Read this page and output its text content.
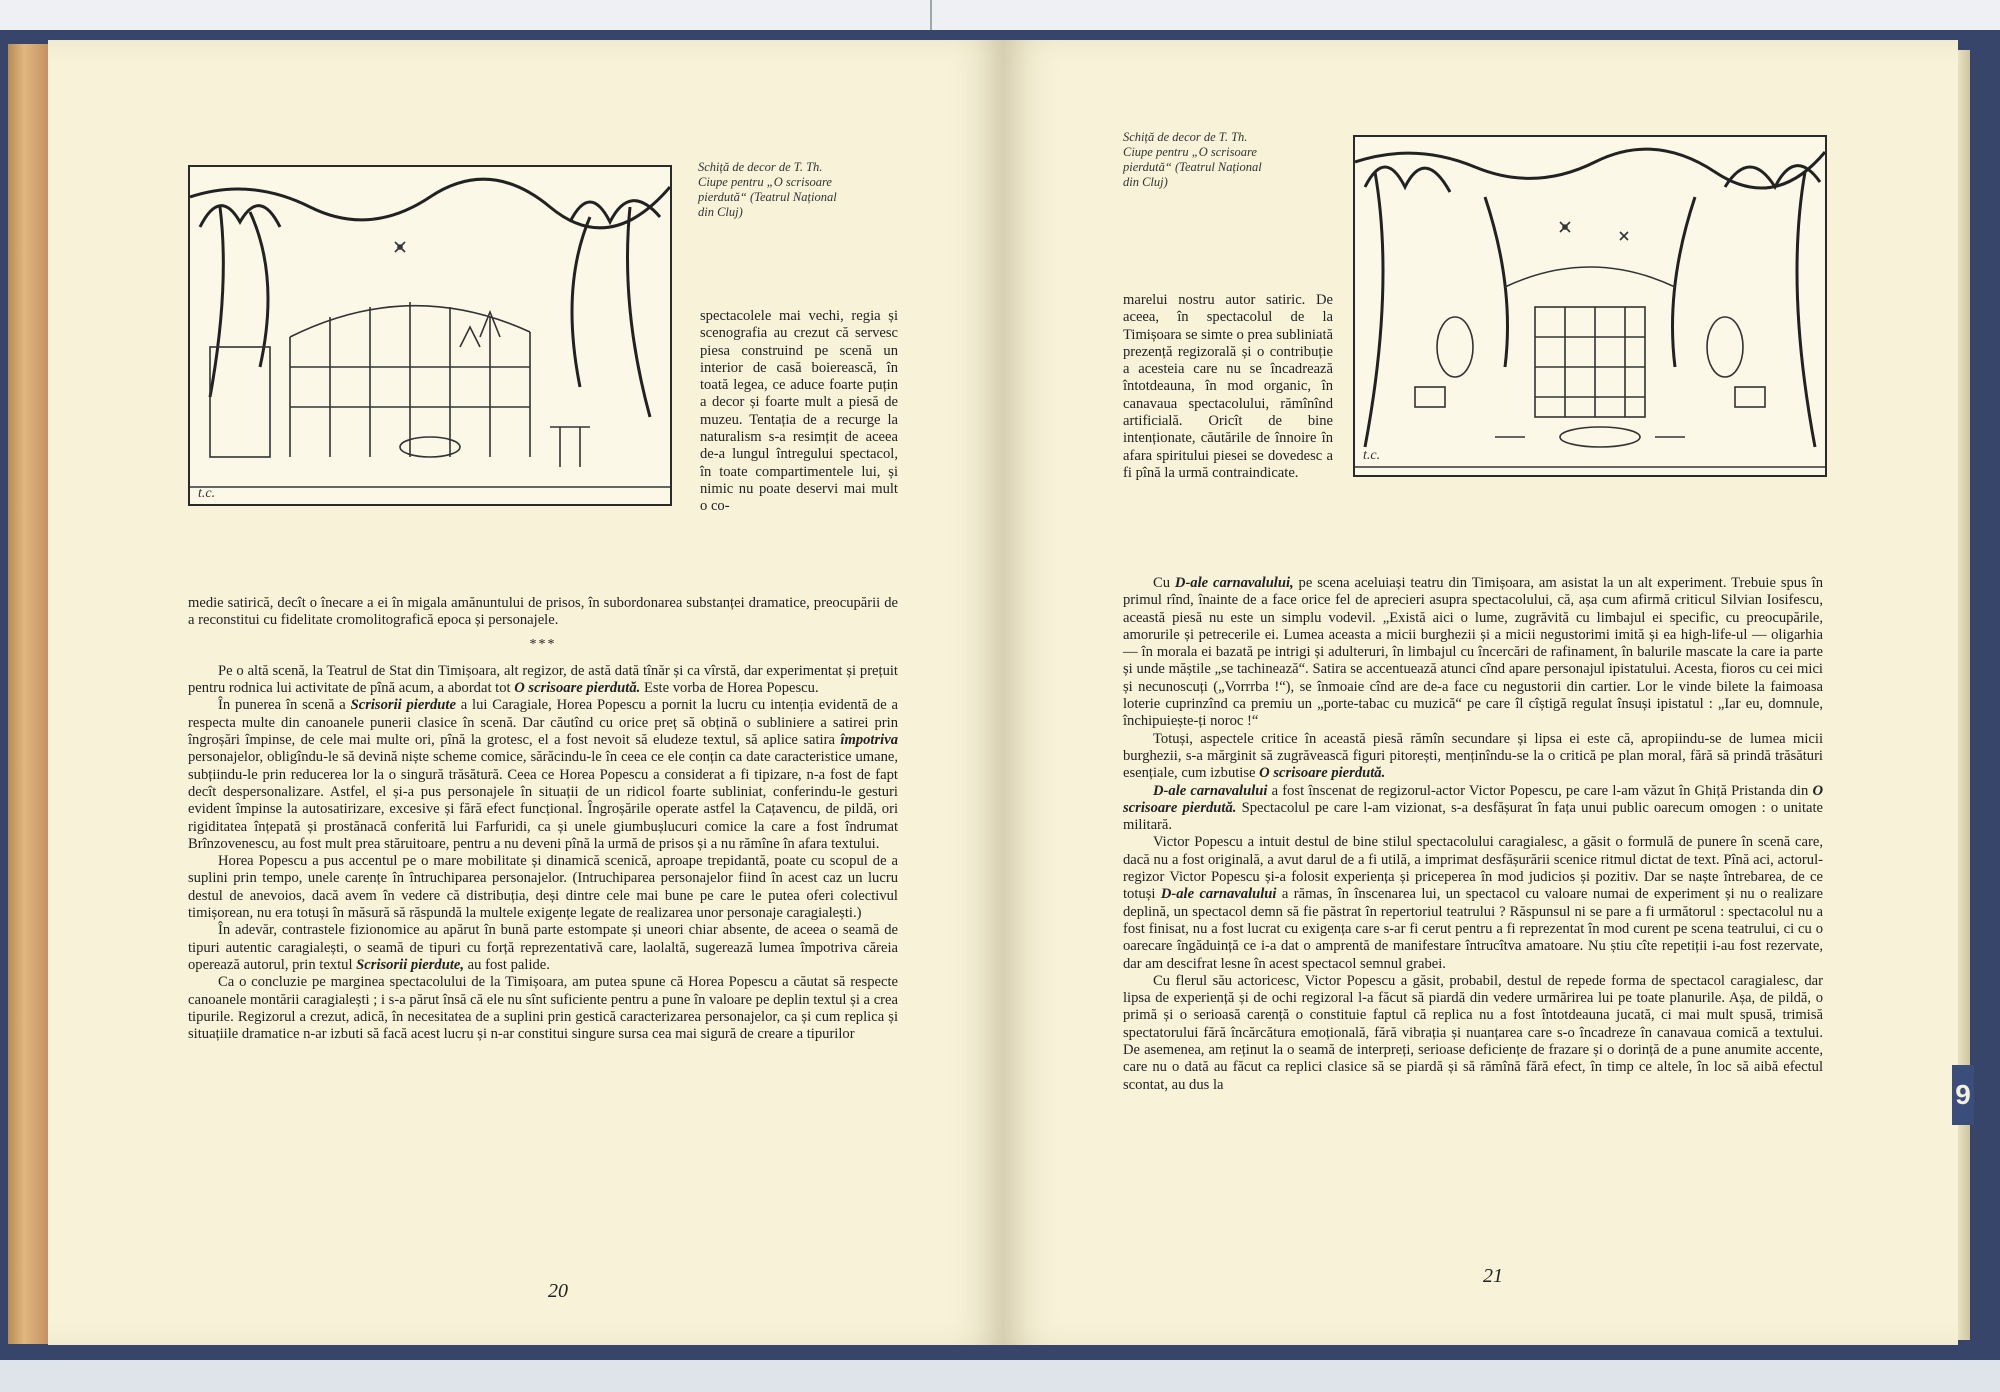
t.c.
Schiță de decor de T. Th.
Ciupe pentru „O scrisoare
pierdută“ (Teatrul Național
din Cluj)

spectacolele mai vechi, regia și scenografia au crezut că servesc piesa construind pe scenă un interior de casă boierească, în toată legea, ce aduce foarte puțin a decor și foarte mult a piesă de muzeu. Tentația de a recurge la naturalism s-a resimțit de aceea de-a lungul întregului spectacol, în toate compartimentele lui, și nimic nu poate deservi mai mult o co-

medie satirică, decît o înecare a ei în migala amănuntului de prisos, în subordonarea substanței dramatice, preocupării de a reconstitui cu fidelitate cromolitografică epoca și personajele.

***

Pe o altă scenă, la Teatrul de Stat din Timișoara, alt regizor, de astă dată tînăr și ca vîrstă, dar experimentat și prețuit pentru rodnica lui activitate de pînă acum, a abordat tot O scrisoare pierdută. Este vorba de Horea Popescu.

În punerea în scenă a Scrisorii pierdute a lui Caragiale, Horea Popescu a pornit la lucru cu intenția evidentă de a respecta multe din canoanele punerii clasice în scenă. Dar căutînd cu orice preț să obțină o subliniere a satirei prin îngroșări împinse, de cele mai multe ori, pînă la grotesc, el a fost nevoit să eludeze textul, să aplice satira împotriva personajelor, obligîndu-le să devină niște scheme comice, sărăcindu-le în ceea ce ele conțin ca date caracteristice umane, subțiindu-le prin reducerea lor la o singură trăsătură. Ceea ce Horea Popescu a considerat a fi tipizare, n-a fost de fapt decît despersonalizare. Astfel, el și-a pus personajele în situații de un ridicol foarte subliniat, conferindu-le gesturi evident împinse la autosatirizare, excesive și fără efect funcțional. Îngroșările operate astfel la Cațavencu, de pildă, ori rigiditatea înțepată și prostănacă conferită lui Farfuridi, ca și unele giumbușlucuri comice la care a fost îndrumat Brînzovenescu, au fost mult prea stăruitoare, pentru a nu deveni pînă la urmă de prisos și a nu rămîne în afara textului.

Horea Popescu a pus accentul pe o mare mobilitate și dinamică scenică, aproape trepidantă, poate cu scopul de a suplini prin tempo, unele carențe în întruchiparea personajelor. (Intruchiparea personajelor fiind în acest caz un lucru destul de anevoios, dacă avem în vedere că distribuția, deși dintre cele mai bune pe care le putea oferi colectivul timișorean, nu era totuși în măsură să răspundă la multele exigențe legate de realizarea unor personaje caragialești.)

În adevăr, contrastele fizionomice au apărut în bună parte estompate și uneori chiar absente, de aceea o seamă de tipuri autentic caragialești, o seamă de tipuri cu forță reprezentativă care, laolaltă, sugerează lumea împotriva căreia operează autorul, prin textul Scrisorii pierdute, au fost palide.

Ca o concluzie pe marginea spectacolului de la Timișoara, am putea spune că Horea Popescu a căutat să respecte canoanele montării caragialești ; i s-a părut însă că ele nu sînt suficiente pentru a pune în valoare pe deplin textul și a crea tipurile. Regizorul a crezut, adică, în necesitatea de a suplini prin gestică caracterizarea personajelor, ca și cum replica și situațiile dramatice n-ar izbuti să facă acest lucru și n-ar constitui singure sursa cea mai sigură de creare a tipurilor

20
Schiță de decor de T. Th.
Ciupe pentru „O scrisoare
pierdută“ (Teatrul Național
din Cluj)
t.c.

marelui nostru autor satiric. De aceea, în spectacolul de la Timișoara se simte o prea subliniată prezență regizorală și o contribuție a acesteia care nu se încadrează întotdeauna, în mod organic, în canavaua spectacolului, rămînînd artificială. Oricît de bine intenționate, căutările de înnoire în afara spiritului piesei se dovedesc a fi pînă la urmă contraindicate.

Cu D-ale carnavalului, pe scena aceluiași teatru din Timișoara, am asistat la un alt experiment. Trebuie spus în primul rînd, înainte de a face orice fel de aprecieri asupra spectacolului, că, așa cum afirmă criticul Silvian Iosifescu, această piesă nu este un simplu vodevil. „Există aici o lume, zugrăvită cu limbajul ei specific, cu preocupările, amorurile și petrecerile ei. Lumea aceasta a micii burghezii și a micii negustorimi imită și ea high-life-ul — oligarhia — în morala ei bazată pe intrigi și adulteruri, în limbajul cu încercări de rafinament, în balurile mascate la care ia parte și unde măștile „se tachinează“. Satira se accentuează atunci cînd apare personajul ipistatului. Acesta, fioros cu cei mici și necunoscuți („Vorrrba !“), se înmoaie cînd are de-a face cu negustorii din cartier. Lor le vinde bilete la faimoasa loterie cuprinzînd ca premiu un „porte-tabac cu muzică“ pe care îl cîștigă regulat însuși ipistatul : „Iar eu, domnule, închipuiește-ți noroc !“

Totuși, aspectele critice în această piesă rămîn secundare și lipsa ei este că, apropiindu-se de lumea micii burghezii, s-a mărginit să zugrăvească figuri pitorești, menținîndu-se la o critică pe plan moral, fără să prindă trăsături esențiale, cum izbutise O scrisoare pierdută.

D-ale carnavalului a fost înscenat de regizorul-actor Victor Popescu, pe care l-am văzut în Ghiță Pristanda din O scrisoare pierdută. Spectacolul pe care l-am vizionat, s-a desfășurat în fața unui public oarecum omogen : o unitate militară.

Victor Popescu a intuit destul de bine stilul spectacolului caragialesc, a găsit o formulă de punere în scenă care, dacă nu a fost originală, a avut darul de a fi utilă, a imprimat desfășurării scenice ritmul dictat de text. Pînă aci, actorul-regizor Victor Popescu și-a folosit experiența și priceperea în mod judicios și pozitiv. Dar se naște întrebarea, de ce totuși D-ale carnavalului a rămas, în înscenarea lui, un spectacol cu valoare numai de experiment și nu o realizare deplină, un spectacol demn să fie păstrat în repertoriul teatrului ? Răspunsul ni se pare a fi următorul : spectacolul nu a fost finisat, nu a fost lucrat cu exigența care s-ar fi cerut pentru a fi reprezentat în mod curent pe scena teatrului, ci cu o oarecare îngăduință ce i-a dat o amprentă de manifestare întrucîtva amatoare. Nu știu cîte repetiții i-au fost rezervate, dar am descifrat lesne în acest spectacol semnul grabei.

Cu flerul său actoricesc, Victor Popescu a găsit, probabil, destul de repede forma de spectacol caragialesc, dar lipsa de experiență și de ochi regizoral l-a făcut să piardă din vedere urmărirea lui pe toate planurile. Așa, de pildă, o primă și o serioasă carență o constituie faptul că replica nu a fost întotdeauna jucată, ci mai mult spusă, trimisă spectatorului fără încărcătura emoțională, fără vibrația și nuanțarea care s-o încadreze în canavaua comică a textului. De asemenea, am reținut la o seamă de interpreți, serioase deficiențe de frazare și o dorință de a pune anumite accente, care nu o dată au făcut ca replici clasice să se piardă și să rămînă fără efect, în timp ce altele, în loc să aibă efectul scontat, au dus la

21
9
